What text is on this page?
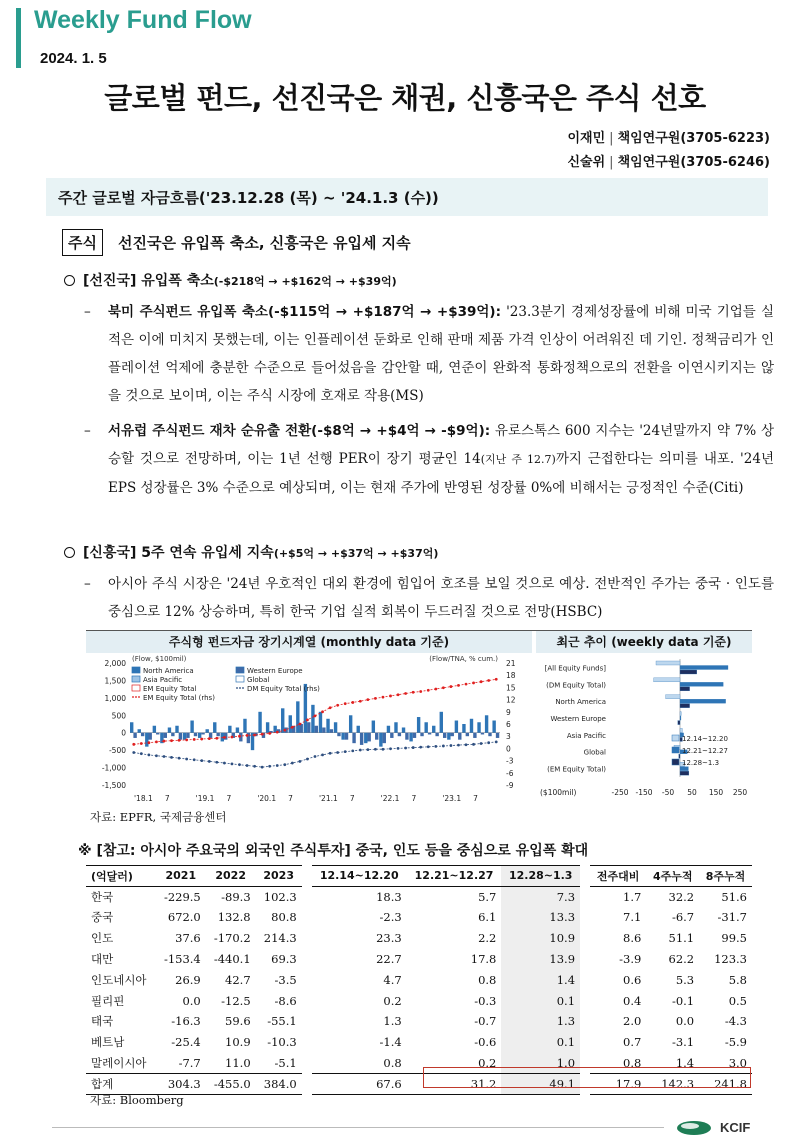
Weekly Fund Flow
2024. 1. 5
글로벌 펀드, 선진국은 채권, 신흥국은 주식 선호
이재민 | 책임연구원(3705-6223)
신술위 | 책임연구원(3705-6246)
주간 글로벌 자금흐름('23.12.28 (목) ~ '24.1.3 (수))
주식	선진국은 유입폭 축소, 신흥국은 유입세 지속
[선진국] 유입폭 축소(-$218억 → +$162억 → +$39억)
–	북미 주식펀드 유입폭 축소(-$115억 → +$187억 → +$39억): '23.3분기 경제성장률에 비해 미국 기업들 실적은 이에 미치지 못했는데, 이는 인플레이션 둔화로 인해 판매 제품 가격 인상이 어려워진 데 기인. 정책금리가 인플레이션 억제에 충분한 수준으로 들어섰음을 감안할 때, 연준이 완화적 통화정책으로의 전환을 이연시키지는 않을 것으로 보이며, 이는 주식 시장에 호재로 작용(MS)
–	서유럽 주식펀드 재차 순유출 전환(-$8억 → +$4억 → -$9억): 유로스톡스 600 지수는 '24년말까지 약 7% 상승할 것으로 전망하며, 이는 1년 선행 PER이 장기 평균인 14(지난 주 12.7)까지 근접한다는 의미를 내포. '24년 EPS 성장률은 3% 수준으로 예상되며, 이는 현재 주가에 반영된 성장률 0%에 비해서는 긍정적인 수준(Citi)
[신흥국] 5주 연속 유입세 지속(+$5억 → +$37억 → +$37억)
–	아시아 주식 시장은 '24년 우호적인 대외 환경에 힘입어 호조를 보일 것으로 예상. 전반적인 주가는 중국 · 인도를 중심으로 12% 상승하며, 특히 한국 기업 실적 회복이 두드러질 것으로 전망(HSBC)
주식형 펀드자금 장기시계열 (monthly data 기준)	최근 추이 (weekly data 기준)
(Flow, $100mil)	(Flow/TNA, % cum.)
2,000
1,500
1,000
500
0
-500
-1,000
-1,500
21
18
15
12
9
6
3
0
-3
-6
-9
'18.1 7	'19.1 7	'20.1 7	'21.1 7	'22.1 7	'23.1 7
North America	Western Europe
Asia Pacific	Global
EM Equity Total	DM Equity Total (rhs)
EM Equity Total (rhs)
[All Equity Funds]
(DM Equity Total)
North America
Western Europe
Asia Pacific
Global
(EM Equity Total)
-250 -150 -50 50 150 250
($100mil)
12.14~12.20
12.21~12.27
12.28~1.3
자료: EPFR, 국제금융센터
※ [참고: 아시아 주요국의 외국인 주식투자] 중국, 인도 등을 중심으로 유입폭 확대
(억달러)	2021	2022	2023	12.14~12.20	12.21~12.27	12.28~1.3	전주대비	4주누적	8주누적
한국	-229.5	-89.3	102.3	18.3	5.7	7.3	1.7	32.2	51.6
중국	672.0	132.8	80.8	-2.3	6.1	13.3	7.1	-6.7	-31.7
인도	37.6	-170.2	214.3	23.3	2.2	10.9	8.6	51.1	99.5
대만	-153.4	-440.1	69.3	22.7	17.8	13.9	-3.9	62.2	123.3
인도네시아	26.9	42.7	-3.5	4.7	0.8	1.4	0.6	5.3	5.8
필리핀	0.0	-12.5	-8.6	0.2	-0.3	0.1	0.4	-0.1	0.5
태국	-16.3	59.6	-55.1	1.3	-0.7	1.3	2.0	0.0	-4.3
베트남	-25.4	10.9	-10.3	-1.4	-0.6	0.1	0.7	-3.1	-5.9
말레이시아	-7.7	11.0	-5.1	0.8	0.2	1.0	0.8	1.4	3.0
합계	304.3	-455.0	384.0	67.6	31.2	49.1	17.9	142.3	241.8
자료: Bloomberg
KCIF
